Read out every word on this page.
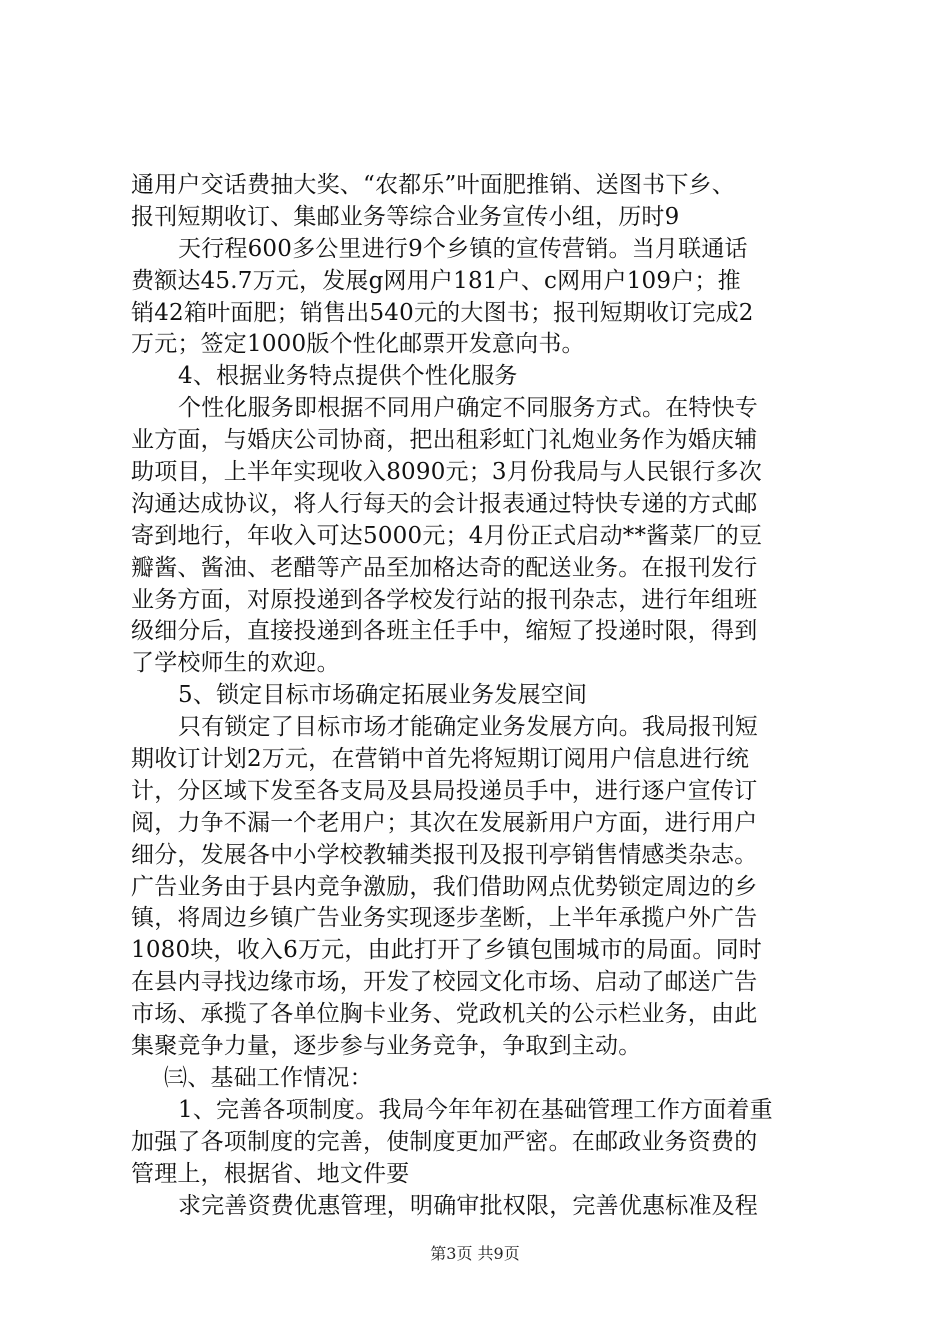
通用户交话费抽大奖、“农都乐”叶面肥推销、送图书下乡、
报刊短期收订、集邮业务等综合业务宣传小组，历时9
天行程600多公里进行9个乡镇的宣传营销。当月联通话
费额达45.7万元，发展g网用户181户、c网用户109户；推
销42箱叶面肥；销售出540元的大图书；报刊短期收订完成2
万元；签定1000版个性化邮票开发意向书。
4、根据业务特点提供个性化服务
个性化服务即根据不同用户确定不同服务方式。在特快专
业方面，与婚庆公司协商，把出租彩虹门礼炮业务作为婚庆辅
助项目，上半年实现收入8090元；3月份我局与人民银行多次
沟通达成协议，将人行每天的会计报表通过特快专递的方式邮
寄到地行，年收入可达5000元；4月份正式启动**酱菜厂的豆
瓣酱、酱油、老醋等产品至加格达奇的配送业务。在报刊发行
业务方面，对原投递到各学校发行站的报刊杂志，进行年组班
级细分后，直接投递到各班主任手中，缩短了投递时限，得到
了学校师生的欢迎。
5、锁定目标市场确定拓展业务发展空间
只有锁定了目标市场才能确定业务发展方向。我局报刊短
期收订计划2万元，在营销中首先将短期订阅用户信息进行统
计，分区域下发至各支局及县局投递员手中，进行逐户宣传订
阅，力争不漏一个老用户；其次在发展新用户方面，进行用户
细分，发展各中小学校教辅类报刊及报刊亭销售情感类杂志。
广告业务由于县内竞争激励，我们借助网点优势锁定周边的乡
镇，将周边乡镇广告业务实现逐步垄断，上半年承揽户外广告
1080块，收入6万元，由此打开了乡镇包围城市的局面。同时
在县内寻找边缘市场，开发了校园文化市场、启动了邮送广告
市场、承揽了各单位胸卡业务、党政机关的公示栏业务，由此
集聚竞争力量，逐步参与业务竞争，争取到主动。
㈢、基础工作情况：
1、完善各项制度。我局今年年初在基础管理工作方面着重
加强了各项制度的完善，使制度更加严密。在邮政业务资费的
管理上，根据省、地文件要
求完善资费优惠管理，明确审批权限，完善优惠标准及程
第3页 共9页
